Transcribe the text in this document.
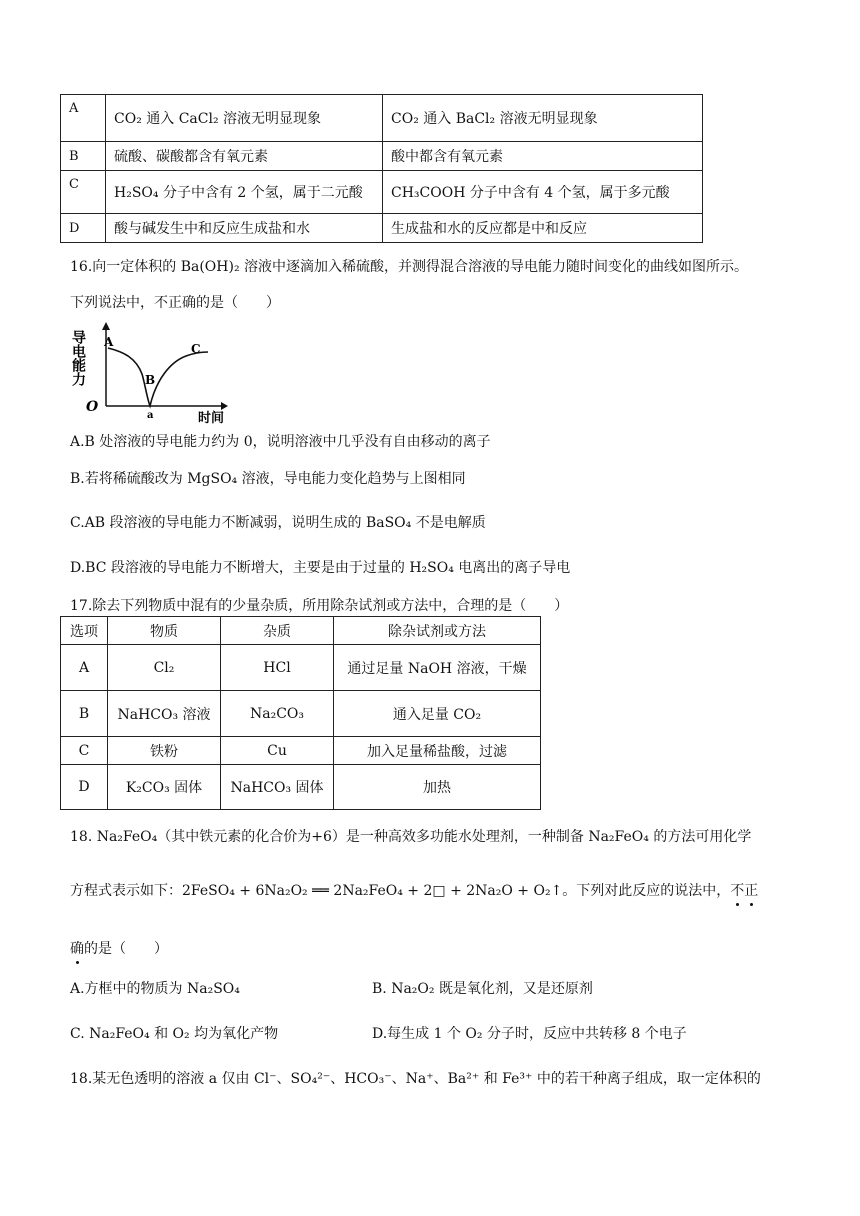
A	CO₂ 通入 CaCl₂ 溶液无明显现象	CO₂ 通入 BaCl₂ 溶液无明显现象
B	硫酸、碳酸都含有氧元素	酸中都含有氧元素
C	H₂SO₄ 分子中含有 2 个氢，属于二元酸	CH₃COOH 分子中含有 4 个氢，属于多元酸
D	酸与碱发生中和反应生成盐和水	生成盐和水的反应都是中和反应
16.向一定体积的 Ba(OH)₂ 溶液中逐滴加入稀硫酸，并测得混合溶液的导电能力随时间变化的曲线如图所示。
下列说法中，不正确的是（　　）
导电能力
O
A
B
C
a	时间
A.B 处溶液的导电能力约为 0，说明溶液中几乎没有自由移动的离子
B.若将稀硫酸改为 MgSO₄ 溶液，导电能力变化趋势与上图相同
C.AB 段溶液的导电能力不断减弱，说明生成的 BaSO₄ 不是电解质
D.BC 段溶液的导电能力不断增大，主要是由于过量的 H₂SO₄ 电离出的离子导电
17.除去下列物质中混有的少量杂质，所用除杂试剂或方法中，合理的是（　　）
选项	物质	杂质	除杂试剂或方法
A	Cl₂	HCl	通过足量 NaOH 溶液，干燥
B	NaHCO₃ 溶液	Na₂CO₃	通入足量 CO₂
C	铁粉	Cu	加入足量稀盐酸，过滤
D	K₂CO₃ 固体	NaHCO₃ 固体	加热
18. Na₂FeO₄（其中铁元素的化合价为+6）是一种高效多功能水处理剂，一种制备 Na₂FeO₄ 的方法可用化学
方程式表示如下：2FeSO₄ + 6Na₂O₂ ══ 2Na₂FeO₄ + 2□ + 2Na₂O + O₂↑。下列对此反应的说法中，不正
确的是（　　）
A.方框中的物质为 Na₂SO₄	B. Na₂O₂ 既是氧化剂，又是还原剂
C. Na₂FeO₄ 和 O₂ 均为氧化产物	D.每生成 1 个 O₂ 分子时，反应中共转移 8 个电子
18.某无色透明的溶液 a 仅由 Cl⁻、SO₄²⁻、HCO₃⁻、Na⁺、Ba²⁺ 和 Fe³⁺ 中的若干种离子组成，取一定体积的
